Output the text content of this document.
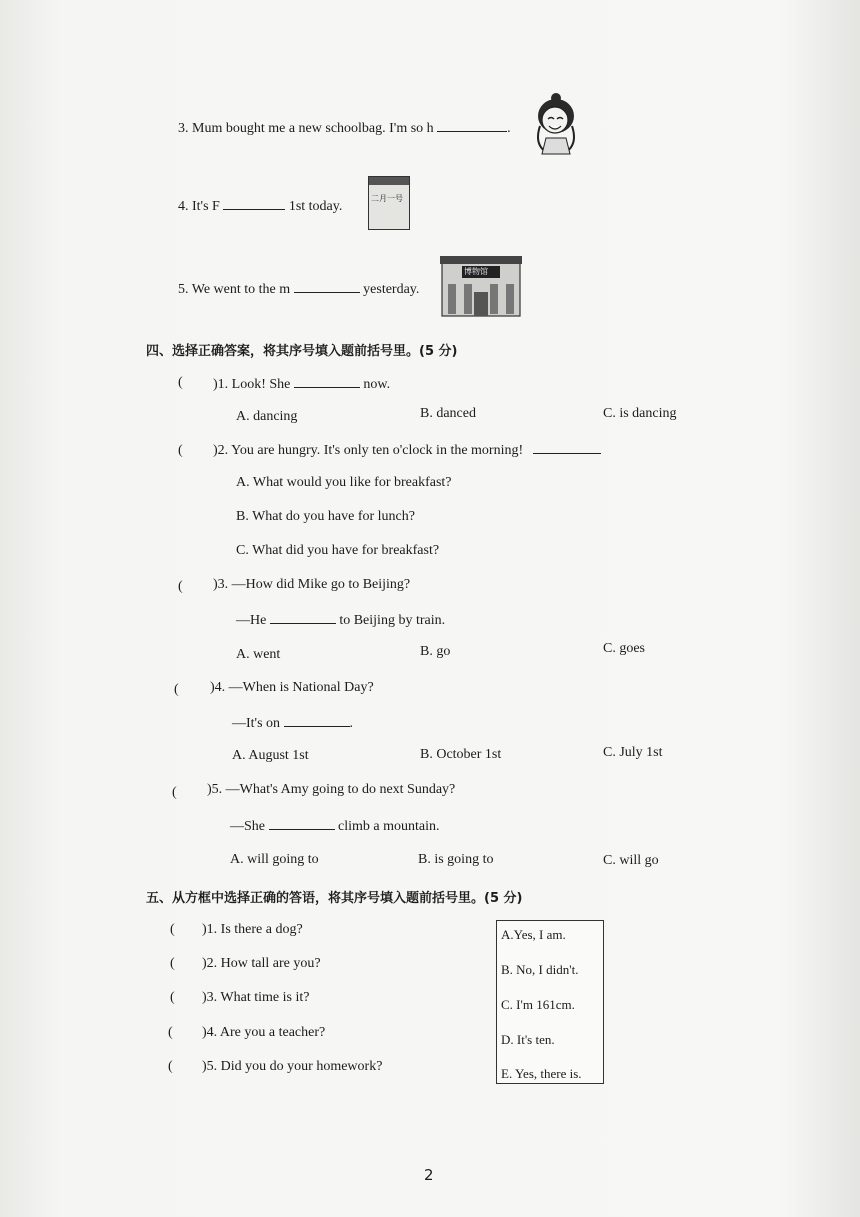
3. Mum bought me a new schoolbag. I'm so h	.
4. It's F	1st today.
二月一号
5. We went to the m	yesterday.
博物馆
四、选择正确答案，将其序号填入题前括号里。(5 分)
( )1. Look! She	now.
A. dancing	B. danced	C. is dancing
( )2. You are hungry. It's only ten o'clock in the morning!
A. What would you like for breakfast?
B. What do you have for lunch?
C. What did you have for breakfast?
( )3. —How did Mike go to Beijing?
—He	to Beijing by train.
A. went	B. go	C. goes
( )4. —When is National Day?
—It's on	.
A. August 1st	B. October 1st	C. July 1st
( )5. —What's Amy going to do next Sunday?
—She	climb a mountain.
A. will going to	B. is going to	C. will go
五、从方框中选择正确的答语，将其序号填入题前括号里。(5 分)
( )1. Is there a dog?
( )2. How tall are you?
( )3. What time is it?
( )4. Are you a teacher?
( )5. Did you do your homework?
A.Yes, I am.
B. No, I didn't.
C. I'm 161cm.
D. It's ten.
E. Yes, there is.
2
